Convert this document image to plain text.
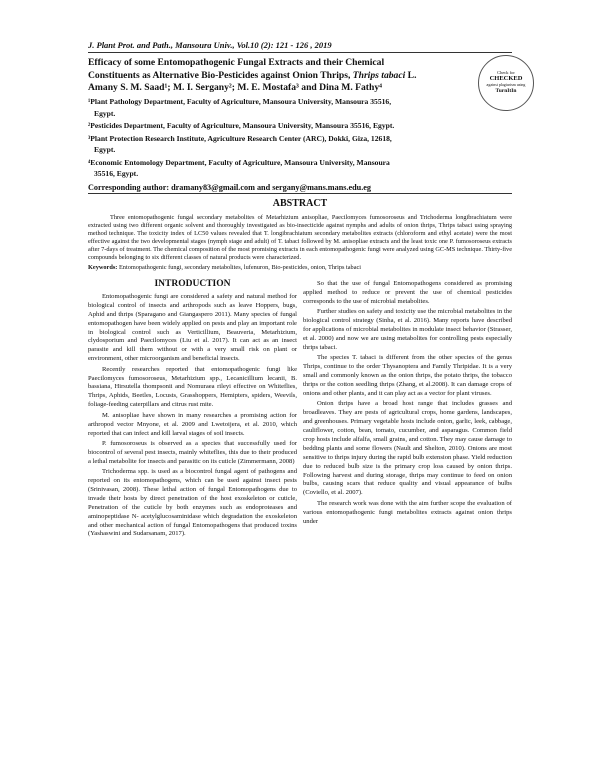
J. Plant Prot. and Path., Mansoura Univ., Vol.10 (2): 121 - 126 , 2019
Efficacy of some Entomopathogenic Fungal Extracts and their Chemical
Constituents as Alternative Bio-Pesticides against Onion Thrips, Thrips tabaci L.	Check for
CHECKED
against plagiarism using
TurnItIn
Amany S. M. Saad¹; M. I. Sergany²; M. E. Mostafa³ and Dina M. Fathy⁴
¹Plant Pathology Department, Faculty of Agriculture, Mansoura University, Mansoura 35516,
Egypt.
²Pesticides Department, Faculty of Agriculture, Mansoura University, Mansoura 35516, Egypt.
³Plant Protection Research Institute, Agriculture Research Center (ARC), Dokki, Giza, 12618,
Egypt.
⁴Economic Entomology Department, Faculty of Agriculture, Mansoura University, Mansoura
35516, Egypt.
Corresponding author: dramany83@gmail.com and sergany@mans.mans.edu.eg
ABSTRACT

Three entomopathogenic fungal secondary metabolites of Metarhizium anisopliae, Paecilomyces fumosoroseus and Trichoderma longibrachiatum were extracted using two different organic solvent and thoroughly investigated as bio-insecticide against nymphs and adults of onion thrips, Thrips tabaci using spraying method technique. The toxicity index of LC50 values revealed that T. longibrachiatum secondary metabolites extracts (chloroform and ethyl acetate) were the most effective against the two developmental stages (nymph stage and adult) of T. tabaci followed by M. anisopliae extracts and the least toxic one P. fumosoroseus extracts after 7-days of treatment. The chemical composition of the most promising extracts in each entomopathogenic fungi were analyzed using GC-MS technique. Thirty-five compounds belonging to six different classes of natural products were characterized.

Keywords: Entomopathogenic fungi, secondary metabolites, lufenuron, Bio-pesticides, onion, Thrips tabaci

INTRODUCTION

Entomopathogenic fungi are considered a safety and natural method for biological control of insects and arthropods such as leave Hoppers, bugs, Aphid and thrips (Sparagano and Giangaspero 2011). Many species of fungal entomopathogen have been widely applied on pests and play an important role in biological control such as Verticillium, Beauveria, Metarhizium, clydosporium and Paecilomyces (Liu et al. 2017). It can act as an insect parasite and kill them without or with a very small risk on plant or environment, other microorganism and beneficial insects.

Recently researches reported that entomopathogenic fungi like Paecilomyces fumosoroseus, Metarhizium spp., Lecanicillium lecanii, B. bassiana, Hirsutella thompsonii and Nomuraea rileyi effective on Whiteflies, Thrips, Aphids, Beetles, Locusts, Grasshoppers, Hemipters, spiders, Weevils, foliage-feeding caterpillars and citrus rust mite.

M. anisopliae have shown in many researches a promising action for arthropod vector Mnyone, et al. 2009 and Lwetoijera, et al. 2010, which reported that can infect and kill larval stages of soil insects.

P. fumosoroseus is observed as a species that successfully used for biocontrol of several pest insects, mainly whiteflies, this due to their produced a lethal metabolite for insects and parasitic on its cuticle (Zimmermann, 2008)

Trichoderma spp. is used as a biocontrol fungal agent of pathogens and reported on its entomopathogens, which can be used against insect pests (Srinivasan, 2008). These lethal action of fungal Entomopathogens due to invade their hosts by direct penetration of the host exoskeleton or cuticle, Penetration of the cuticle by both enzymes such as endoproteases and aminopeptidase N- acetylglucosaminidase which degradation the exoskeleton and other mechanical action of fungal Entomopathogens that produced toxins (Yashaswini and Sudarsanam, 2017).

So that the use of fungal Entomopathogens considered as promising applied method to reduce or prevent the use of chemical pesticides corresponds to the use of microbial metabolites.

Further studies on safety and toxicity use the microbial metabolites in the biological control strategy (Sinha, et al. 2016). Many reports have described for applications of microbial metabolites in modulate insect behavior (Strasser, et al. 2000) and now we are using metabolites for controlling pests especially thrips tabaci.

The species T. tabaci is different from the other species of the genus Thrips, continue to the order Thysanoptera and Family Thripidae. It is a very small and commonly known as the onion thrips, the potato thrips, the tobacco thrips or the cotton seedling thrips (Zhang, et al.2008). It can damage crops of onions and other plants, and it can play act as a vector for plant viruses.

Onion thrips have a broad host range that includes grasses and broadleaves. They are pests of agricultural crops, home gardens, landscapes, and greenhouses. Primary vegetable hosts include onion, garlic, leek, cabbage, cauliflower, cotton, bean, tomato, cucumber, and asparagus. Common field crop hosts include alfalfa, small grains, and cotton. They may cause damage to bedding plants and some flowers (Nault and Shelton, 2010). Onions are most sensitive to thrips injury during the rapid bulb extension phase. Yield reduction due to reduced bulb size is the primary crop loss caused by onion thrips. Following harvest and during storage, thrips may continue to feed on onion bulbs, causing scars that reduce quality and visual appearance of bulbs (Coviello, et al. 2007).

The research work was done with the aim further scope the evaluation of various entomopathogenic fungi metabolites extracts against onion thrips under
